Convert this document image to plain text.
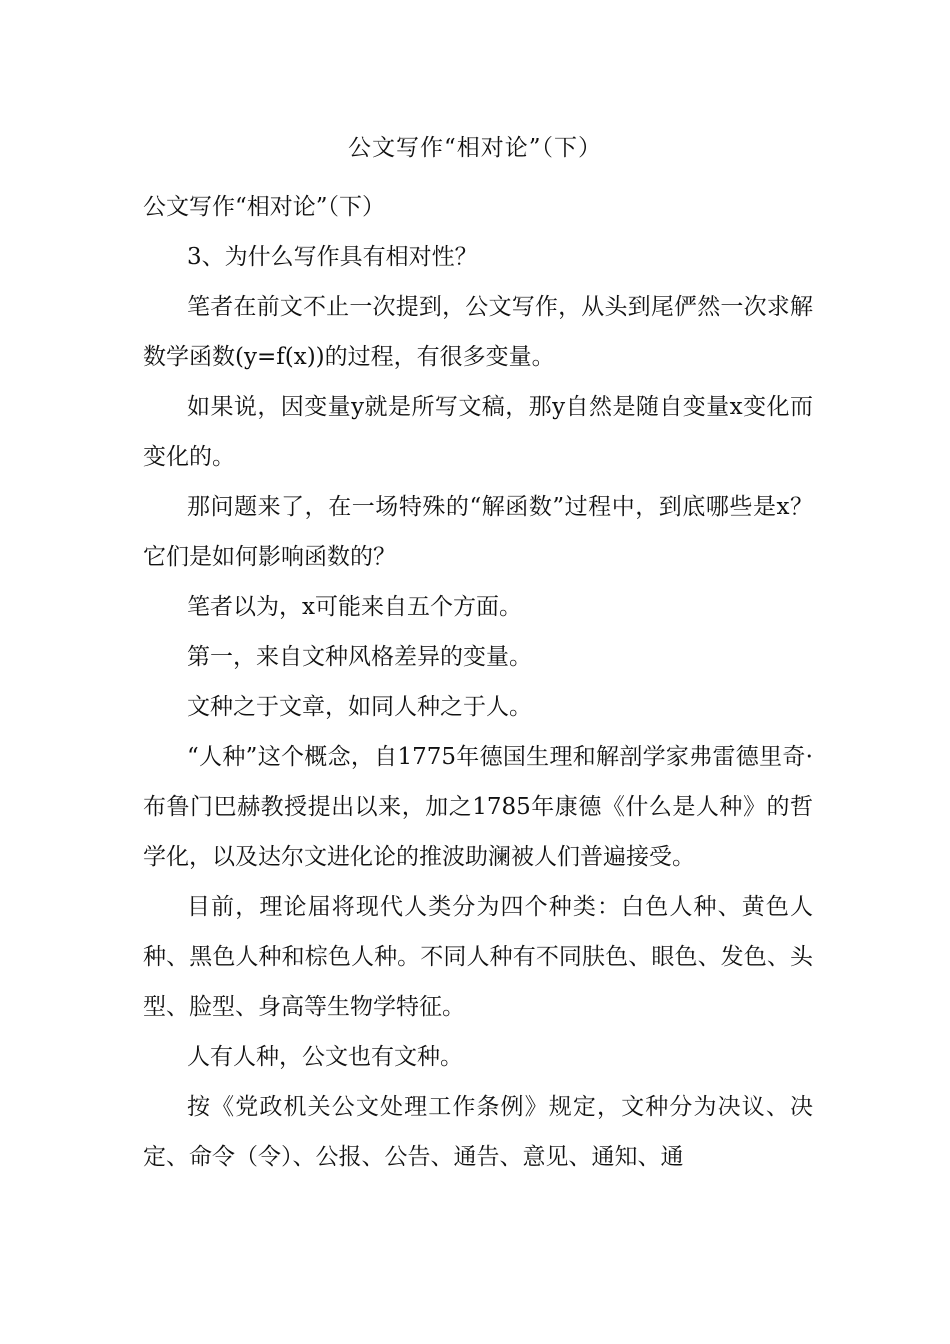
公文写作“相对论”（下）

公文写作“相对论”（下）

3、为什么写作具有相对性？

笔者在前文不止一次提到，公文写作，从头到尾俨然一次求解数学函数(y=f(x))的过程，有很多变量。

如果说，因变量y就是所写文稿，那y自然是随自变量x变化而变化的。

那问题来了，在一场特殊的“解函数”过程中，到底哪些是x？它们是如何影响函数的？

笔者以为，x可能来自五个方面。

第一，来自文种风格差异的变量。

文种之于文章，如同人种之于人。

“人种”这个概念，自1775年德国生理和解剖学家弗雷德里奇·布鲁门巴赫教授提出以来，加之1785年康德《什么是人种》的哲学化，以及达尔文进化论的推波助澜被人们普遍接受。

目前，理论届将现代人类分为四个种类：白色人种、黄色人种、黑色人种和棕色人种。不同人种有不同肤色、眼色、发色、头型、脸型、身高等生物学特征。

人有人种，公文也有文种。

按《党政机关公文处理工作条例》规定，文种分为决议、决定、命令（令）、公报、公告、通告、意见、通知、通
